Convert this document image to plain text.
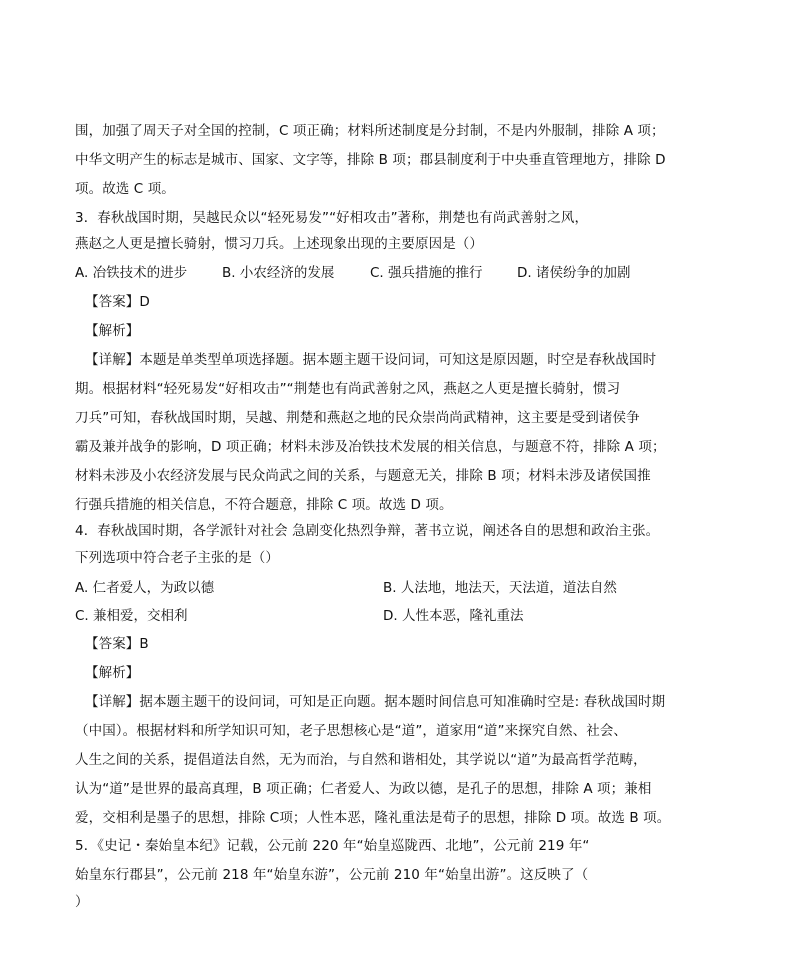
围，加强了周天子对全国的控制，C 项正确；材料所述制度是分封制，不是内外服制，排除 A 项；
中华文明产生的标志是城市、国家、文字等，排除 B 项；郡县制度利于中央垂直管理地方，排除 D
项。故选 C 项。
3．春秋战国时期，吴越民众以“轻死易发”“好相攻击”著称，荆楚也有尚武善射之风，
燕赵之人更是擅长骑射，惯习刀兵。上述现象出现的主要原因是（）
A. 冶铁技术的进步	B. 小农经济的发展	C. 强兵措施的推行	D. 诸侯纷争的加剧
【答案】D
【解析】
【详解】本题是单类型单项选择题。据本题主题干设问词，可知这是原因题，时空是春秋战国时
期。根据材料“轻死易发“好相攻击”“荆楚也有尚武善射之风，燕赵之人更是擅长骑射，惯习
刀兵”可知，春秋战国时期，吴越、荆楚和燕赵之地的民众崇尚尚武精神，这主要是受到诸侯争
霸及兼并战争的影响，D 项正确；材料未涉及冶铁技术发展的相关信息，与题意不符，排除 A 项；
材料未涉及小农经济发展与民众尚武之间的关系，与题意无关，排除 B 项；材料未涉及诸侯国推
行强兵措施的相关信息，不符合题意，排除 C 项。故选 D 项。
4．春秋战国时期，各学派针对社会 急剧变化热烈争辩，著书立说，阐述各自的思想和政治主张。
下列选项中符合老子主张的是（）
A. 仁者爱人，为政以德	B. 人法地，地法天，天法道，道法自然
C. 兼相爱，交相利	D. 人性本恶，隆礼重法
【答案】B
【解析】
【详解】据本题主题干的设问词，可知是正向题。据本题时间信息可知准确时空是: 春秋战国时期
（中国）。根据材料和所学知识可知，老子思想核心是“道”，道家用“道”来探究自然、社会、
人生之间的关系，提倡道法自然，无为而治，与自然和谐相处，其学说以“道”为最高哲学范畴，
认为“道”是世界的最高真理，B 项正确；仁者爱人、为政以德，是孔子的思想，排除 A 项；兼相
爱，交相利是墨子的思想，排除 C项；人性本恶，隆礼重法是荀子的思想，排除 D 项。故选 B 项。
5．《史记・秦始皇本纪》记载，公元前 220 年“始皇巡陇西、北地”，公元前 219 年“
始皇东行郡县”，公元前 218 年“始皇东游”，公元前 210 年“始皇出游”。这反映了（
）
